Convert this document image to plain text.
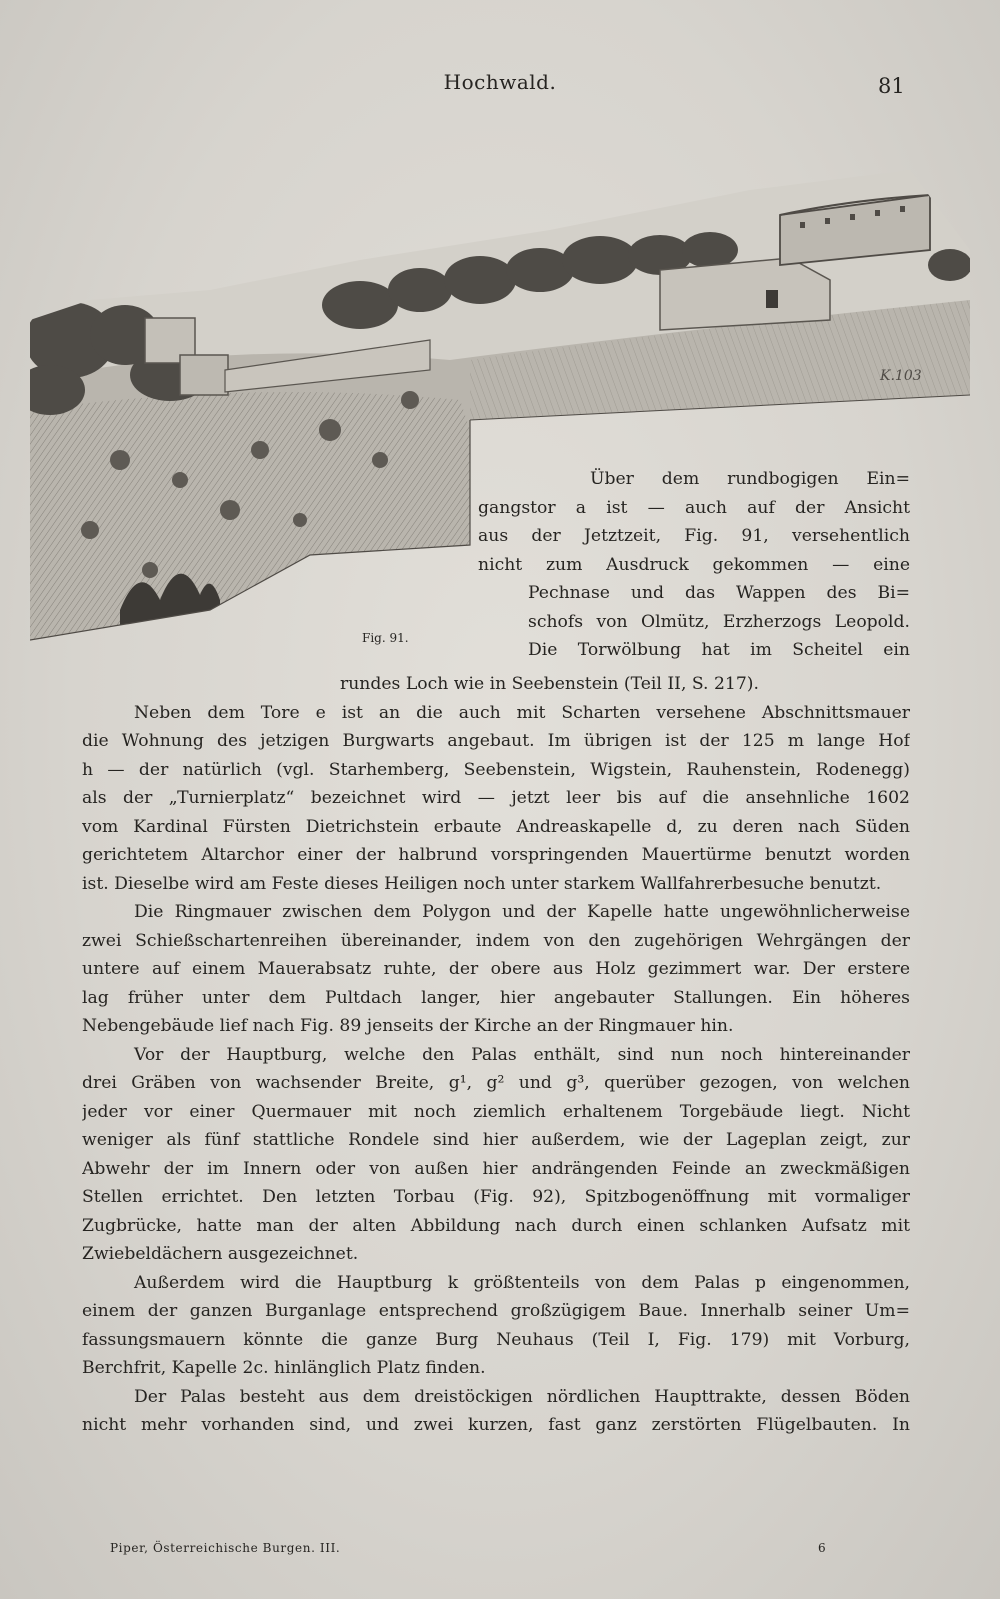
Hochwald.	81
K.103
Fig. 91.
Über dem rundbogigen Ein=
gangstor a ist — auch auf der Ansicht
aus der Jetztzeit, Fig. 91, versehentlich
nicht zum Ausdruck gekommen — eine
Pechnase und das Wappen des Bi=
schofs von Olmütz, Erzherzogs Leopold.
Die Torwölbung hat im Scheitel ein
rundes Loch wie in Seebenstein (Teil II, S. 217).
Neben dem Tore e ist an die auch mit Scharten versehene Abschnittsmauer
die Wohnung des jetzigen Burgwarts angebaut. Im übrigen ist der 125 m lange Hof
h — der natürlich (vgl. Starhemberg, Seebenstein, Wigstein, Rauhenstein, Rodenegg)
als der „Turnierplatz“ bezeichnet wird — jetzt leer bis auf die ansehnliche 1602
vom Kardinal Fürsten Dietrichstein erbaute Andreaskapelle d, zu deren nach Süden
gerichtetem Altarchor einer der halbrund vorspringenden Mauertürme benutzt worden
ist. Dieselbe wird am Feste dieses Heiligen noch unter starkem Wallfahrerbesuche benutzt.
Die Ringmauer zwischen dem Polygon und der Kapelle hatte ungewöhnlicherweise
zwei Schießschartenreihen übereinander, indem von den zugehörigen Wehrgängen der
untere auf einem Mauerabsatz ruhte, der obere aus Holz gezimmert war. Der erstere
lag früher unter dem Pultdach langer, hier angebauter Stallungen. Ein höheres
Nebengebäude lief nach Fig. 89 jenseits der Kirche an der Ringmauer hin.
Vor der Hauptburg, welche den Palas enthält, sind nun noch hintereinander
drei Gräben von wachsender Breite, g¹, g² und g³, querüber gezogen, von welchen
jeder vor einer Quermauer mit noch ziemlich erhaltenem Torgebäude liegt. Nicht
weniger als fünf stattliche Rondele sind hier außerdem, wie der Lageplan zeigt, zur
Abwehr der im Innern oder von außen hier andrängenden Feinde an zweckmäßigen
Stellen errichtet. Den letzten Torbau (Fig. 92), Spitzbogenöffnung mit vormaliger
Zugbrücke, hatte man der alten Abbildung nach durch einen schlanken Aufsatz mit
Zwiebeldächern ausgezeichnet.
Außerdem wird die Hauptburg k größtenteils von dem Palas p eingenommen,
einem der ganzen Burganlage entsprechend großzügigem Baue. Innerhalb seiner Um=
fassungsmauern könnte die ganze Burg Neuhaus (Teil I, Fig. 179) mit Vorburg,
Berchfrit, Kapelle 2c. hinlänglich Platz finden.
Der Palas besteht aus dem dreistöckigen nördlichen Haupttrakte, dessen Böden
nicht mehr vorhanden sind, und zwei kurzen, fast ganz zerstörten Flügelbauten. In
Piper, Österreichische Burgen. III.	6
